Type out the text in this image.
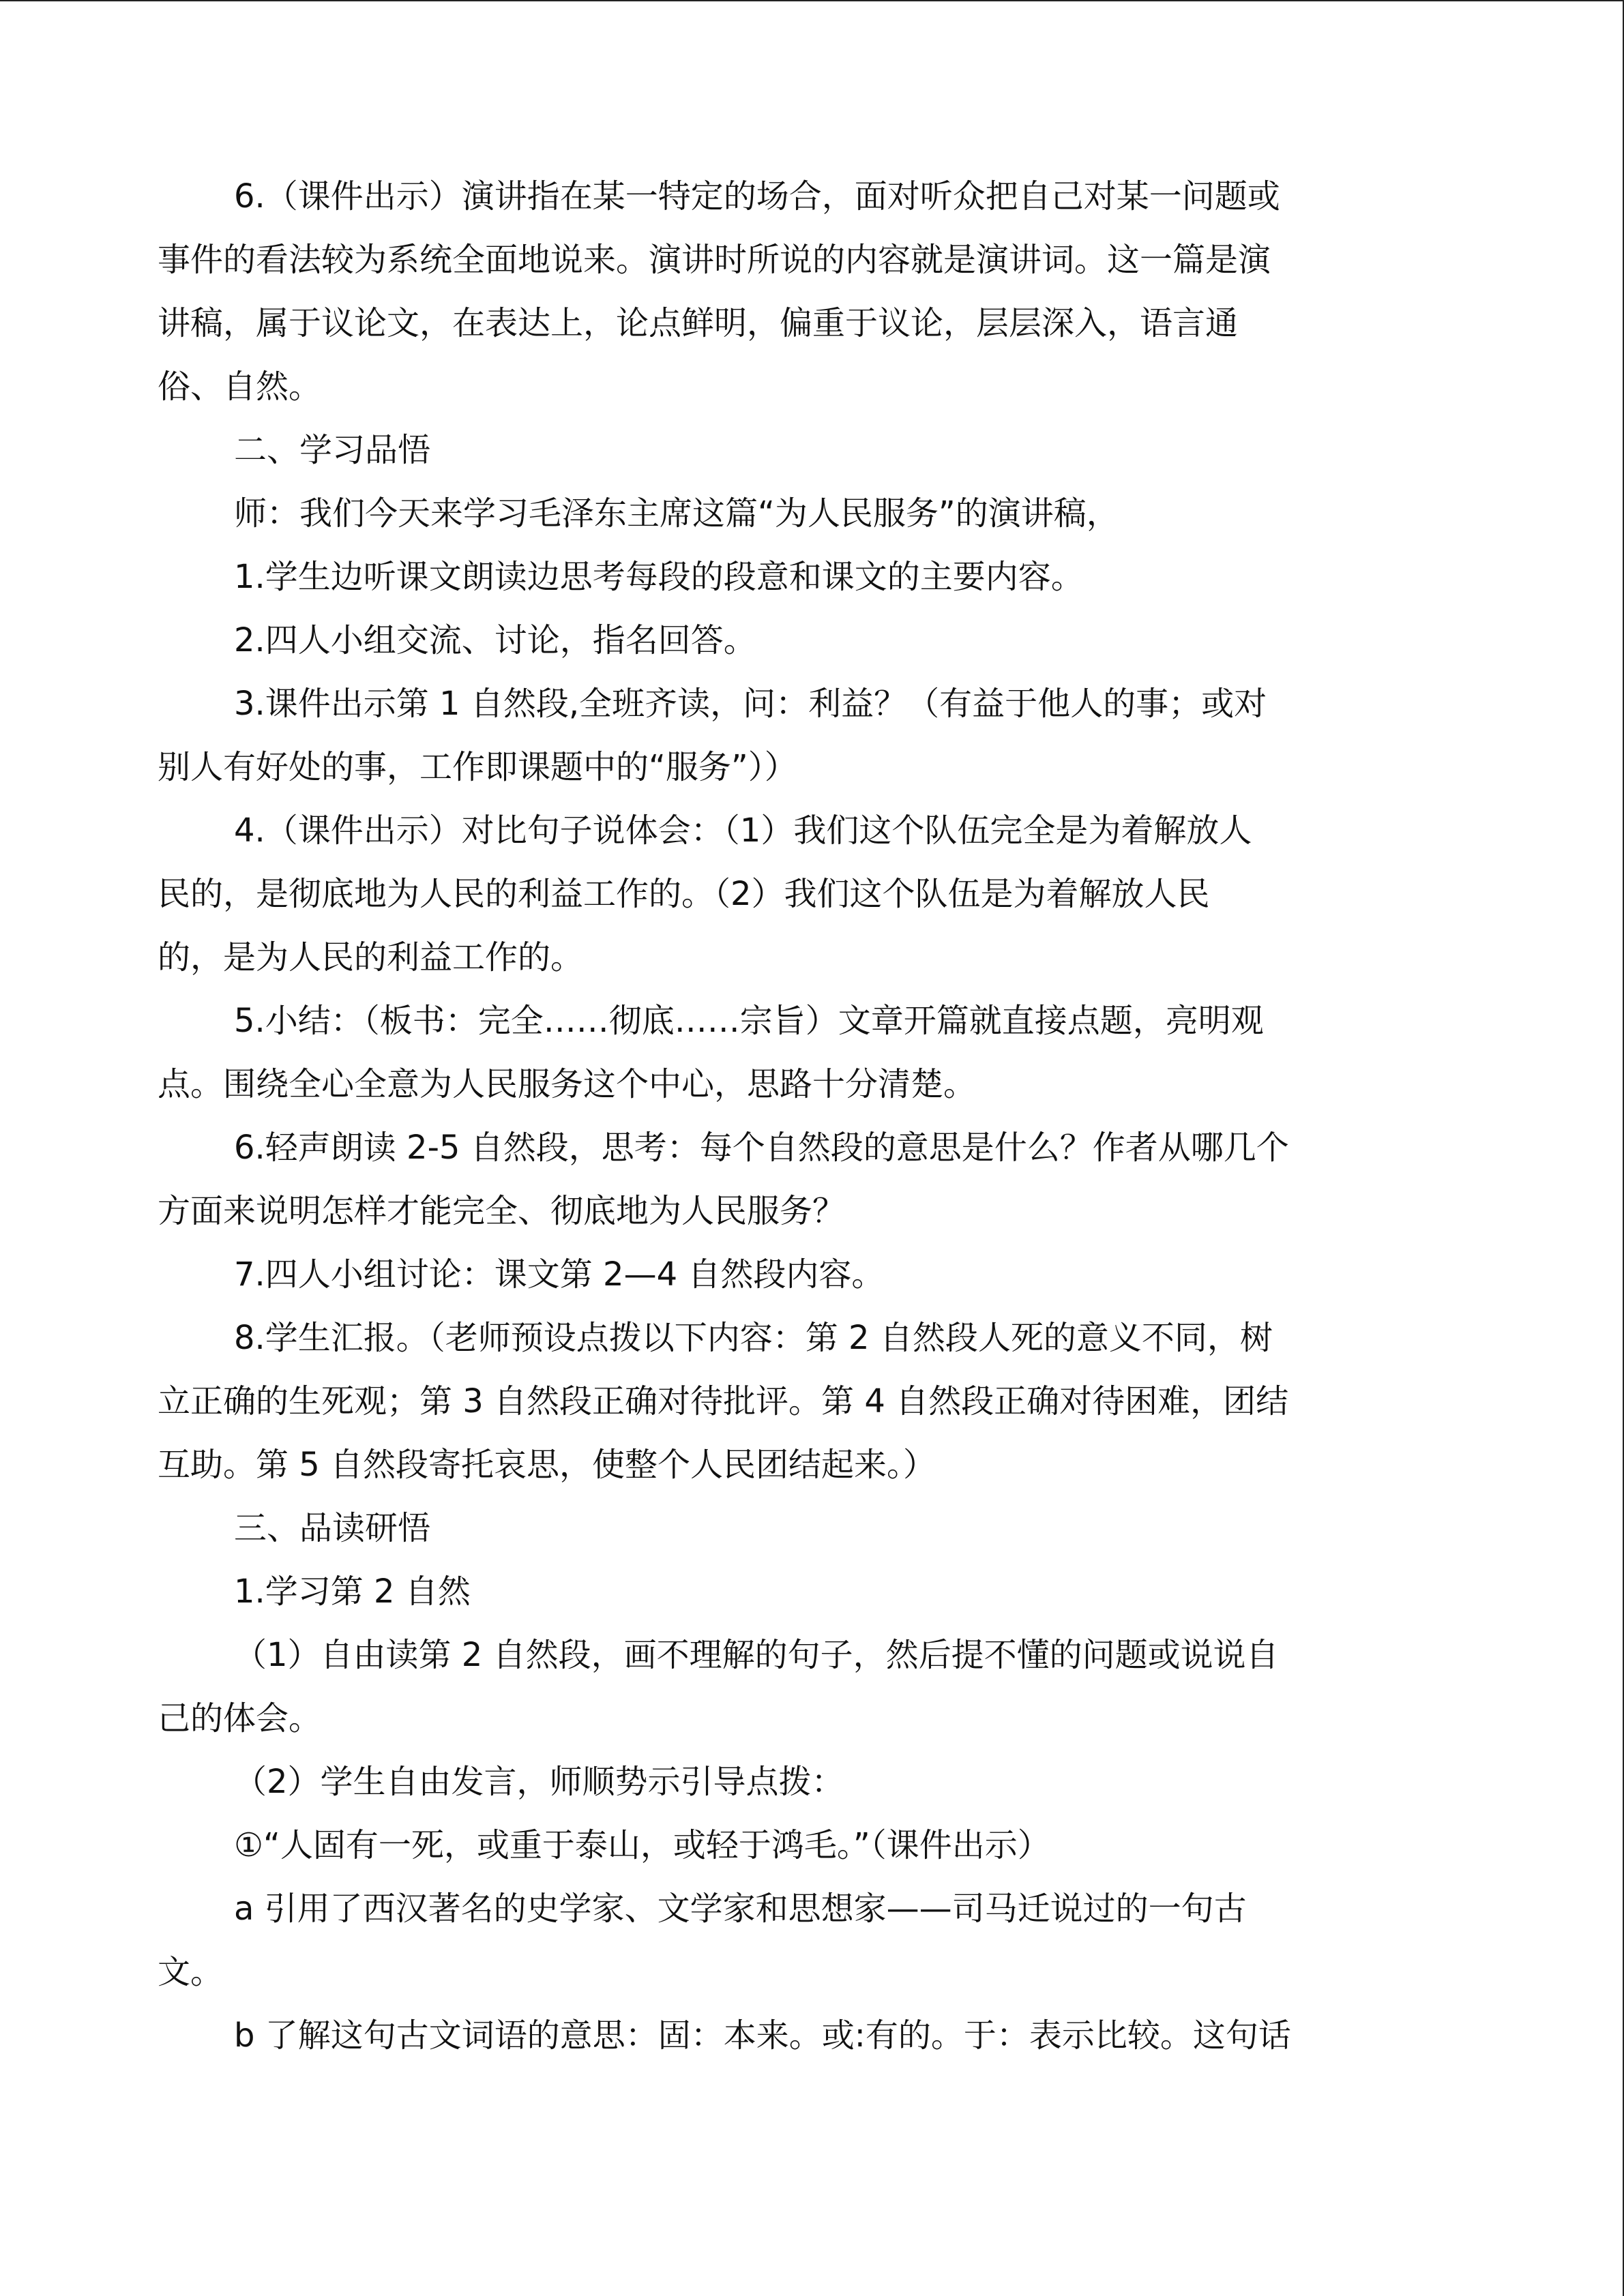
6.（课件出示）演讲指在某一特定的场合，面对听众把自己对某一问题或
事件的看法较为系统全面地说来。演讲时所说的内容就是演讲词。这一篇是演
讲稿，属于议论文，在表达上，论点鲜明，偏重于议论，层层深入，语言通
俗、自然。

二、学习品悟

师：我们今天来学习毛泽东主席这篇“为人民服务”的演讲稿，

1.学生边听课文朗读边思考每段的段意和课文的主要内容。

2.四人小组交流、讨论，指名回答。

3.课件出示第 1 自然段,全班齐读，问：利益？（有益于他人的事；或对
别人有好处的事，工作即课题中的“服务”））

4.（课件出示）对比句子说体会：（1）我们这个队伍完全是为着解放人
民的，是彻底地为人民的利益工作的。（2）我们这个队伍是为着解放人民
的，是为人民的利益工作的。

5.小结：（板书：完全……彻底……宗旨）文章开篇就直接点题，亮明观
点。围绕全心全意为人民服务这个中心，思路十分清楚。

6.轻声朗读 2-5 自然段，思考：每个自然段的意思是什么？作者从哪几个
方面来说明怎样才能完全、彻底地为人民服务？

7.四人小组讨论：课文第 2—4 自然段内容。

8.学生汇报。（老师预设点拨以下内容：第 2 自然段人死的意义不同，树
立正确的生死观；第 3 自然段正确对待批评。第 4 自然段正确对待困难，团结
互助。第 5 自然段寄托哀思，使整个人民团结起来。）

三、品读研悟

1.学习第 2 自然

（1）自由读第 2 自然段，画不理解的句子，然后提不懂的问题或说说自
己的体会。

（2）学生自由发言，师顺势示引导点拨：

①“人固有一死，或重于泰山，或轻于鸿毛。”（课件出示）

a 引用了西汉著名的史学家、文学家和思想家——司马迁说过的一句古
文。

b 了解这句古文词语的意思：固：本来。或:有的。于：表示比较。这句话
